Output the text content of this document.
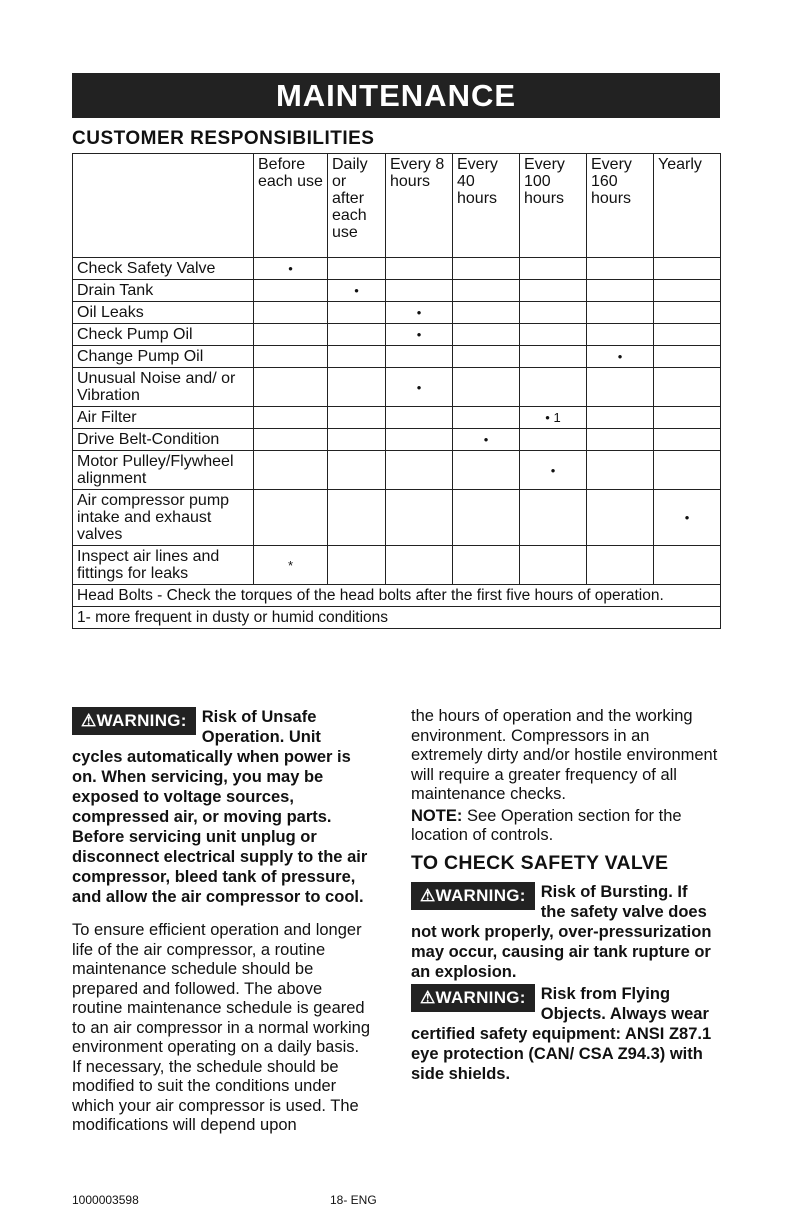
MAINTENANCE
CUSTOMER RESPONSIBILITIES
	Before each use	Daily or after each use	Every 8 hours	Every 40 hours	Every 100 hours	Every 160 hours	Yearly
Check Safety Valve	•						
Drain Tank		•					
Oil Leaks			•				
Check Pump Oil			•				
Change Pump Oil						•	
Unusual Noise and/ or Vibration			•				
Air Filter					• 1		
Drive Belt-Condition				•			
Motor Pulley/Flywheel alignment					•		
Air compressor pump intake and exhaust valves							•
Inspect air lines and fittings for leaks	*						
Head Bolts - Check the torques of the head bolts after the first five hours of operation.							
1- more frequent in dusty or humid conditions							
⚠WARNING: Risk of Unsafe Operation. Unit cycles automatically when power is on. When servicing, you may be exposed to voltage sources, compressed air, or moving parts. Before servicing unit unplug or disconnect electrical supply to the air compressor, bleed tank of pressure, and allow the air compressor to cool.
To ensure efficient operation and longer life of the air compressor, a routine maintenance schedule should be prepared and followed. The above routine maintenance schedule is geared to an air compressor in a normal working environment operating on a daily basis. If necessary, the schedule should be modified to suit the conditions under which your air compressor is used. The modifications will depend upon
the hours of operation and the working environment. Compressors in an extremely dirty and/or hostile environment will require a greater frequency of all maintenance checks.
NOTE: See Operation section for the location of controls.
TO CHECK SAFETY VALVE
⚠WARNING: Risk of Bursting. If the safety valve does not work properly, over-pressurization may occur, causing air tank rupture or an explosion.
⚠WARNING: Risk from Flying Objects. Always wear certified safety equipment: ANSI Z87.1 eye protection (CAN/ CSA Z94.3) with side shields.
1000003598	18- ENG
